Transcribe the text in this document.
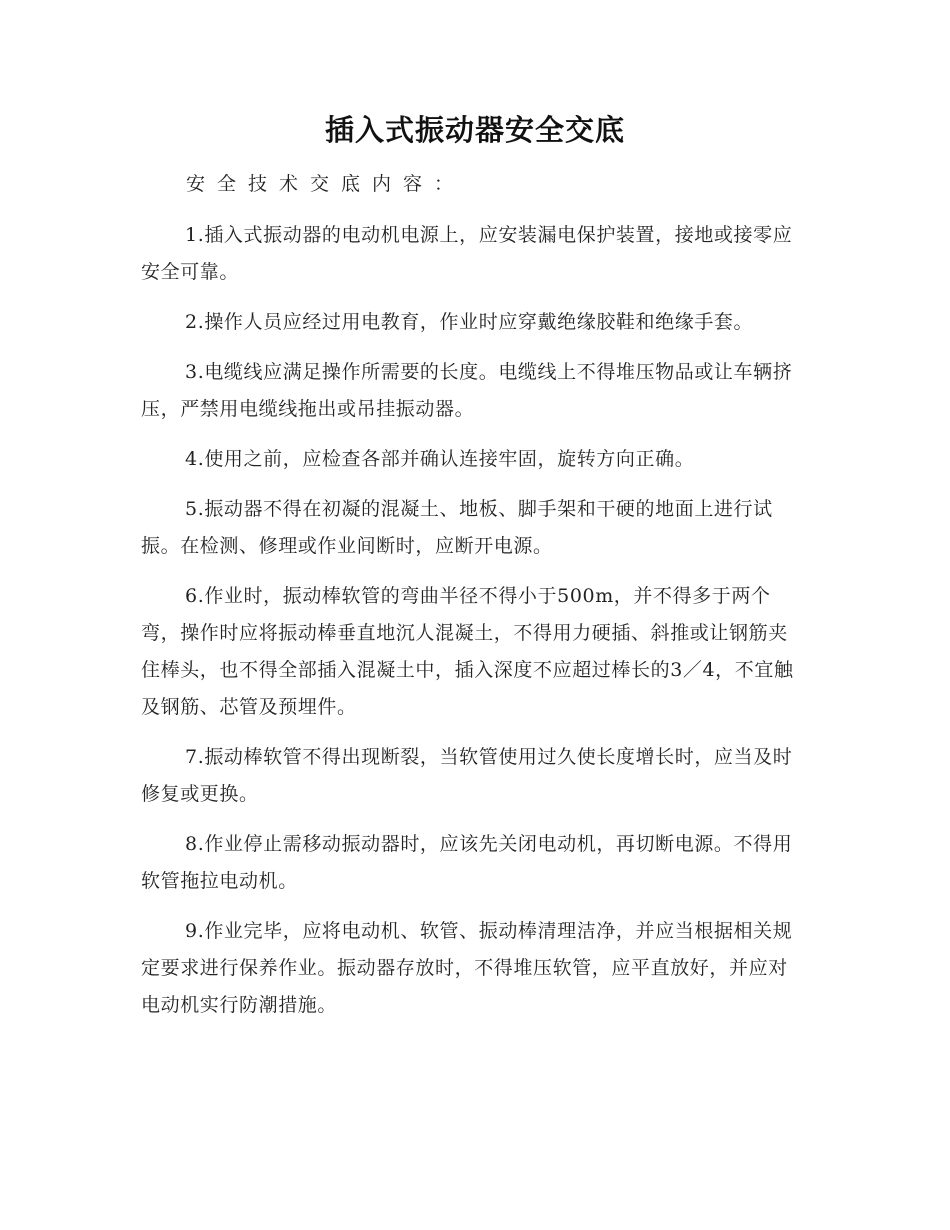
插入式振动器安全交底
安全技术交底内容：

1.插入式振动器的电动机电源上，应安装漏电保护装置，接地或接零应安全可靠。

2.操作人员应经过用电教育，作业时应穿戴绝缘胶鞋和绝缘手套。

3.电缆线应满足操作所需要的长度。电缆线上不得堆压物品或让车辆挤压，严禁用电缆线拖出或吊挂振动器。

4.使用之前，应检查各部并确认连接牢固，旋转方向正确。

5.振动器不得在初凝的混凝土、地板、脚手架和干硬的地面上进行试振。在检测、修理或作业间断时，应断开电源。

6.作业时，振动棒软管的弯曲半径不得小于500m，并不得多于两个弯，操作时应将振动棒垂直地沉人混凝土，不得用力硬插、斜推或让钢筋夹住棒头，也不得全部插入混凝土中，插入深度不应超过棒长的3／4，不宜触及钢筋、芯管及预埋件。

7.振动棒软管不得出现断裂，当软管使用过久使长度增长时，应当及时修复或更换。

8.作业停止需移动振动器时，应该先关闭电动机，再切断电源。不得用软管拖拉电动机。

9.作业完毕，应将电动机、软管、振动棒清理洁净，并应当根据相关规定要求进行保养作业。振动器存放时，不得堆压软管，应平直放好，并应对电动机实行防潮措施。
